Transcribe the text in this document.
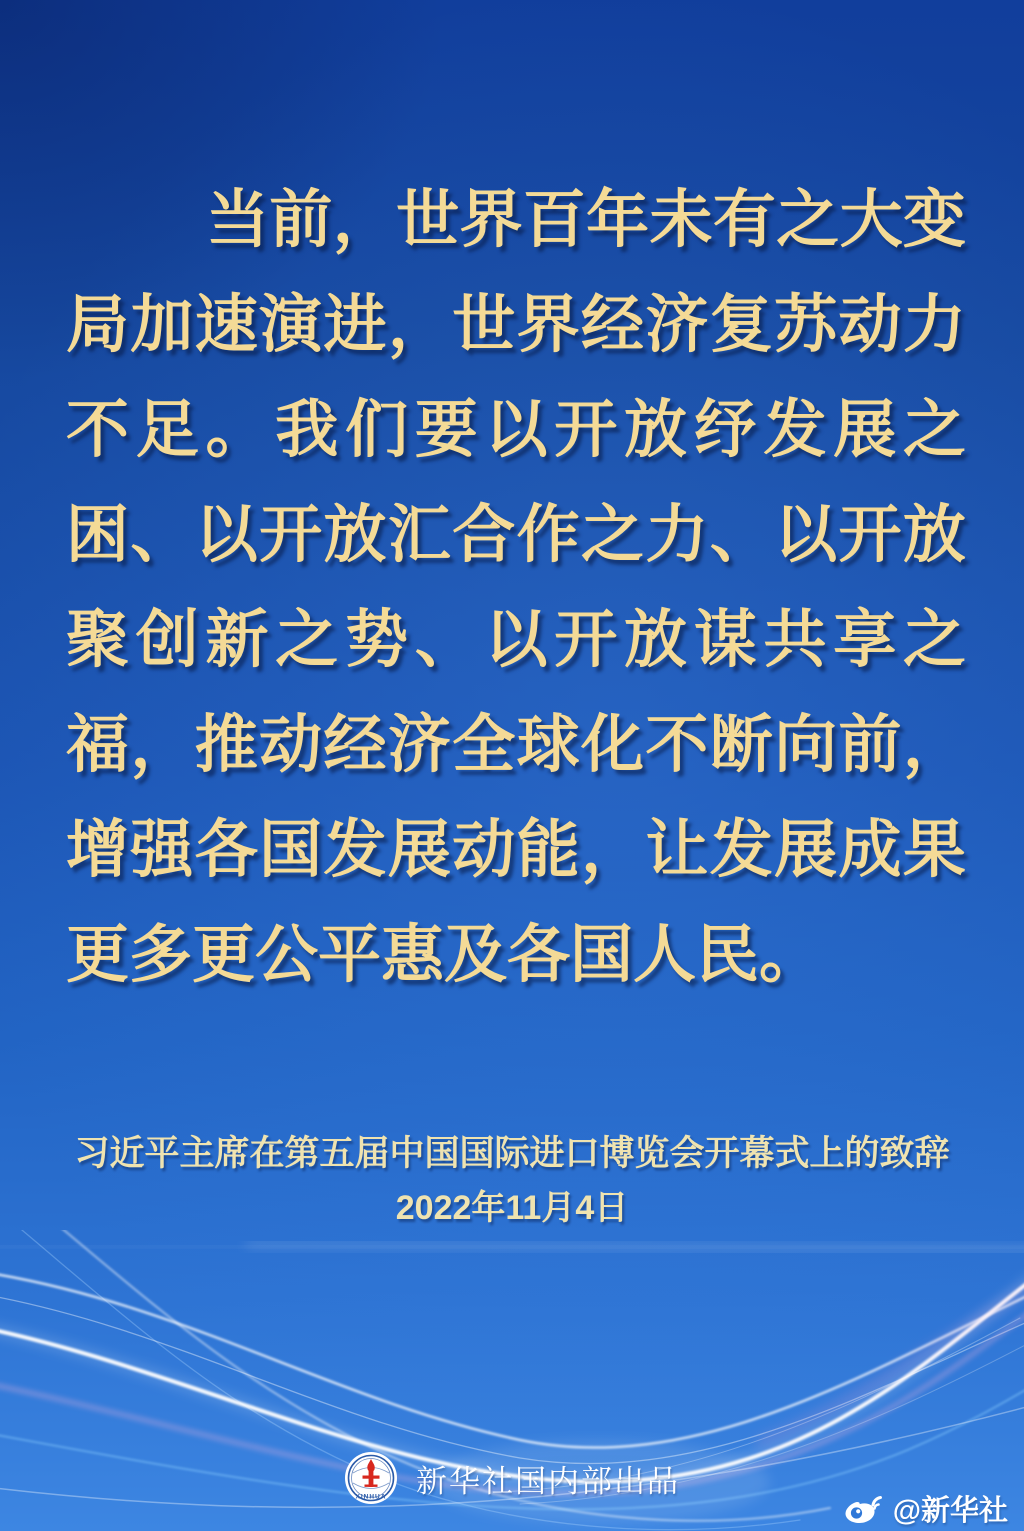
当 前 ， 世 界 百 年 未 有 之 大 变
局 加 速 演 进 ， 世 界 经 济 复 苏 动 力
不 足 。 我 们 要 以 开 放 纾 发 展 之
困 、 以 开 放 汇 合 作 之 力 、 以 开 放
聚 创 新 之 势 、 以 开 放 谋 共 享 之
福 ， 推 动 经 济 全 球 化 不 断 向 前 ，
增 强 各 国 发 展 动 能 ， 让 发 展 成 果
更多更公平惠及各国人民。
习近平主席在第五届中国国际进口博览会开幕式上的致辞
2022年11月4日
XINHUA 新华社国内部出品
@新华社
